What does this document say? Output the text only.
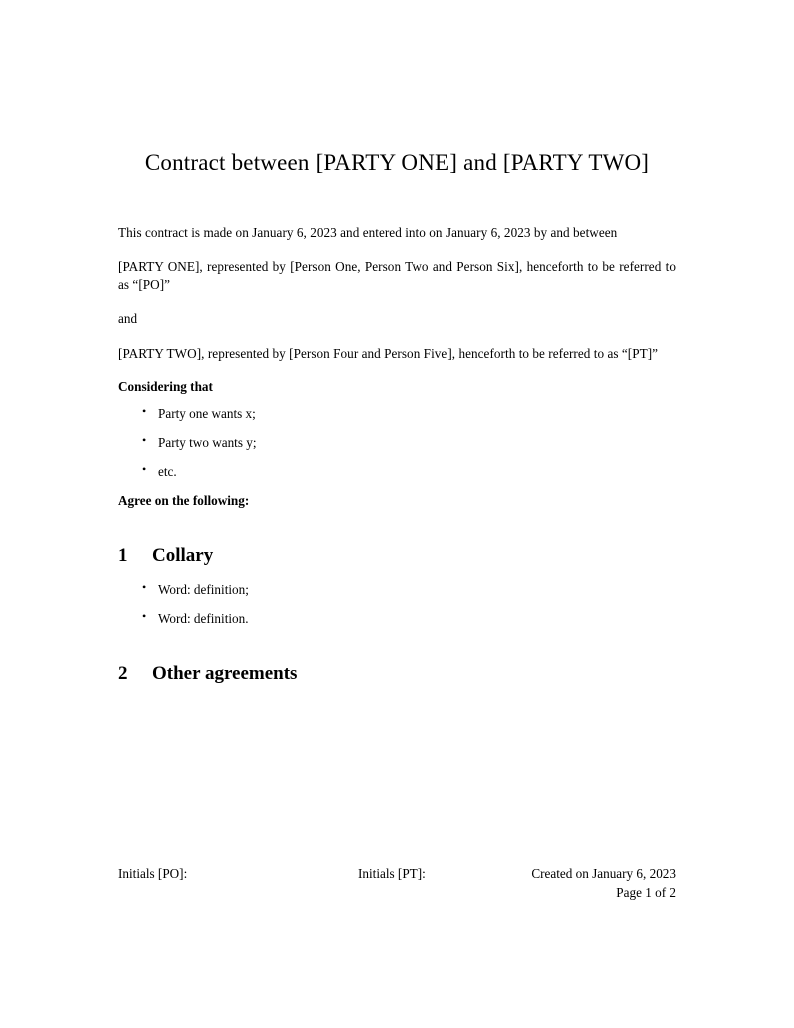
Contract between [PARTY ONE] and [PARTY TWO]

This contract is made on January 6, 2023 and entered into on January 6, 2023 by and between

[PARTY ONE], represented by [Person One, Person Two and Person Six], henceforth to be referred to as “[PO]”

and

[PARTY TWO], represented by [Person Four and Person Five], henceforth to be referred to as “[PT]”

Considering that

• Party one wants x;
• Party two wants y;
• etc.

Agree on the following:

1	Collary
• Word: definition;
• Word: definition.
2	Other agreements
Initials [PO]:	Initials [PT]:	Created on January 6, 2023
Page 1 of 2
